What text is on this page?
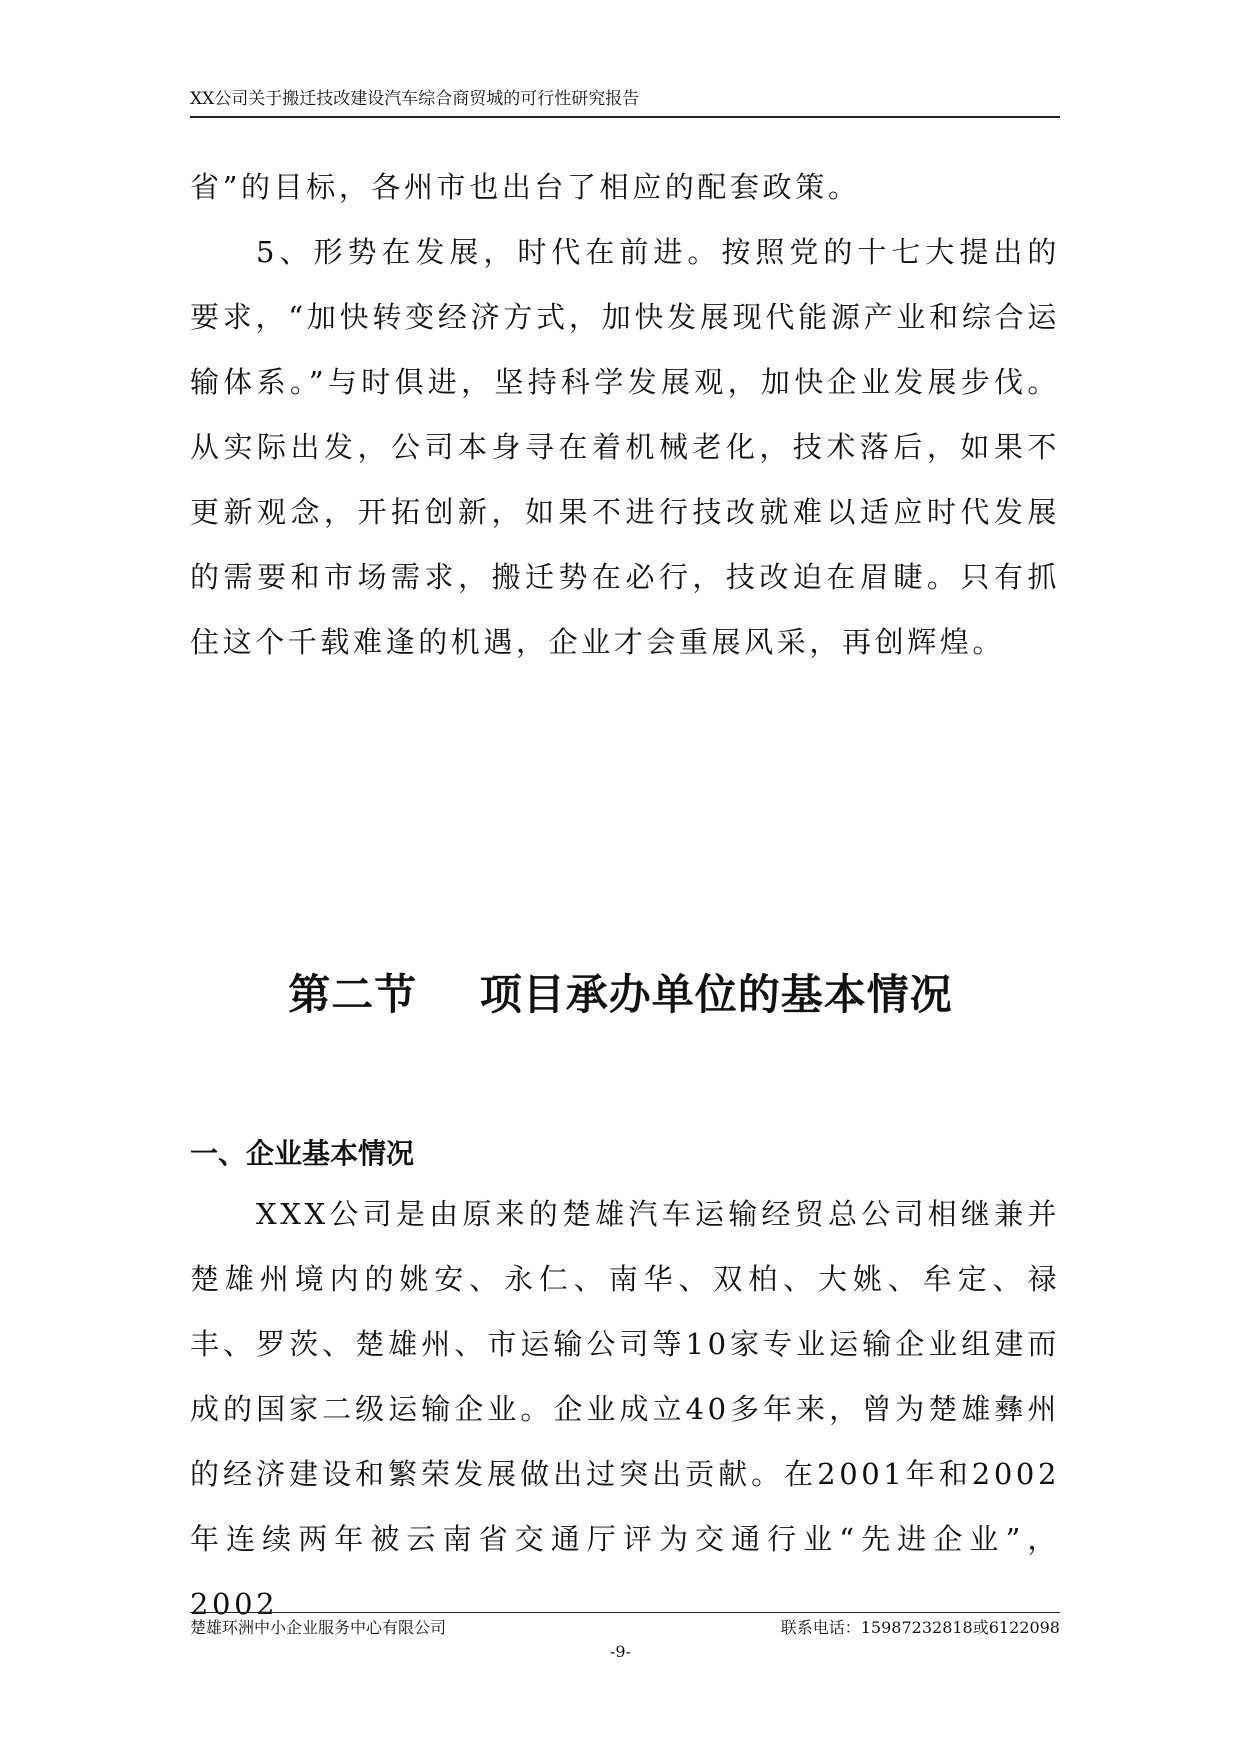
XX公司关于搬迁技改建设汽车综合商贸城的可行性研究报告

省”的目标，各州市也出台了相应的配套政策。

5、形势在发展，时代在前进。按照党的十七大提出的要求，“加快转变经济方式，加快发展现代能源产业和综合运输体系。”与时俱进，坚持科学发展观，加快企业发展步伐。从实际出发，公司本身寻在着机械老化，技术落后，如果不更新观念，开拓创新，如果不进行技改就难以适应时代发展的需要和市场需求，搬迁势在必行，技改迫在眉睫。只有抓住这个千载难逢的机遇，企业才会重展风采，再创辉煌。

第二节    项目承办单位的基本情况
一、企业基本情况

XXX公司是由原来的楚雄汽车运输经贸总公司相继兼并楚雄州境内的姚安、永仁、南华、双柏、大姚、牟定、禄丰、罗茨、楚雄州、市运输公司等10家专业运输企业组建而成的国家二级运输企业。企业成立40多年来，曾为楚雄彝州的经济建设和繁荣发展做出过突出贡献。在2001年和2002年连续两年被云南省交通厅评为交通行业“先进企业”，2002

楚雄环洲中小企业服务中心有限公司	联系电话：15987232818或6122098
-9-
